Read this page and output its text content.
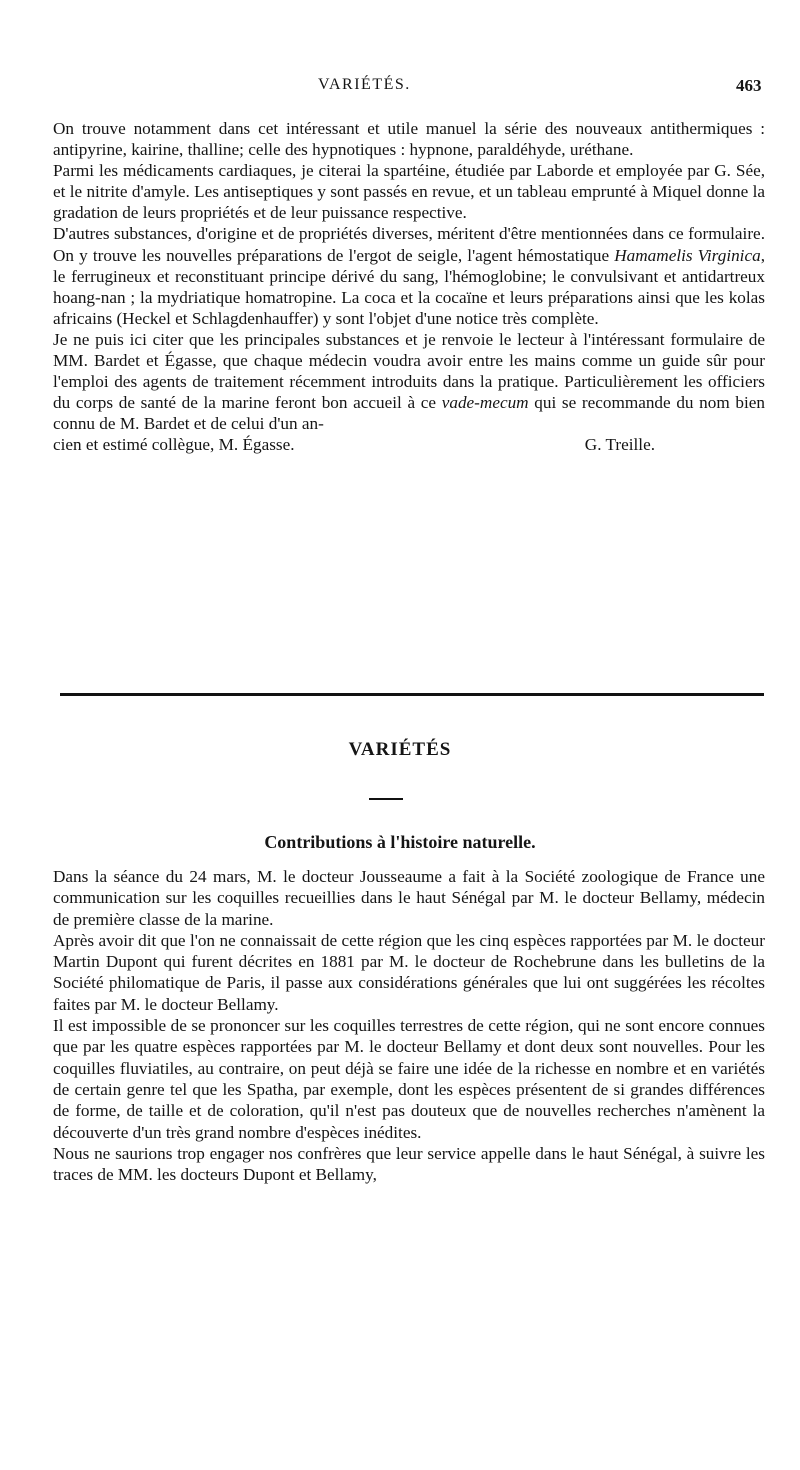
VARIÉTÉS.	463

On trouve notamment dans cet intéressant et utile manuel la série des nouveaux antithermiques : antipyrine, kairine, thalline; celle des hypnotiques : hypnone, paraldéhyde, uréthane.

Parmi les médicaments cardiaques, je citerai la spartéine, étudiée par Laborde et employée par G. Sée, et le nitrite d'amyle. Les antiseptiques y sont passés en revue, et un tableau emprunté à Miquel donne la gradation de leurs propriétés et de leur puissance respective.

D'autres substances, d'origine et de propriétés diverses, méritent d'être mentionnées dans ce formulaire. On y trouve les nouvelles préparations de l'ergot de seigle, l'agent hémostatique Hamamelis Virginica, le ferrugineux et reconstituant principe dérivé du sang, l'hémoglobine; le convulsivant et antidartreux hoang-nan ; la mydriatique homatropine. La coca et la cocaïne et leurs préparations ainsi que les kolas africains (Heckel et Schlagdenhauffer) y sont l'objet d'une notice très complète.

Je ne puis ici citer que les principales substances et je renvoie le lecteur à l'intéressant formulaire de MM. Bardet et Égasse, que chaque médecin voudra avoir entre les mains comme un guide sûr pour l'emploi des agents de traitement récemment introduits dans la pratique. Particulièrement les officiers du corps de santé de la marine feront bon accueil à ce vade-mecum qui se recommande du nom bien connu de M. Bardet et de celui d'un an-

cien et estimé collègue, M. Égasse.	G. Treille.
VARIÉTÉS
Contributions à l'histoire naturelle.

Dans la séance du 24 mars, M. le docteur Jousseaume a fait à la Société zoologique de France une communication sur les coquilles recueillies dans le haut Sénégal par M. le docteur Bellamy, médecin de première classe de la marine.

Après avoir dit que l'on ne connaissait de cette région que les cinq espèces rapportées par M. le docteur Martin Dupont qui furent décrites en 1881 par M. le docteur de Rochebrune dans les bulletins de la Société philomatique de Paris, il passe aux considérations générales que lui ont suggérées les récoltes faites par M. le docteur Bellamy.

Il est impossible de se prononcer sur les coquilles terrestres de cette région, qui ne sont encore connues que par les quatre espèces rapportées par M. le docteur Bellamy et dont deux sont nouvelles. Pour les coquilles fluviatiles, au contraire, on peut déjà se faire une idée de la richesse en nombre et en variétés de certain genre tel que les Spatha, par exemple, dont les espèces présentent de si grandes différences de forme, de taille et de coloration, qu'il n'est pas douteux que de nouvelles recherches n'amènent la découverte d'un très grand nombre d'espèces inédites.

Nous ne saurions trop engager nos confrères que leur service appelle dans le haut Sénégal, à suivre les traces de MM. les docteurs Dupont et Bellamy,
